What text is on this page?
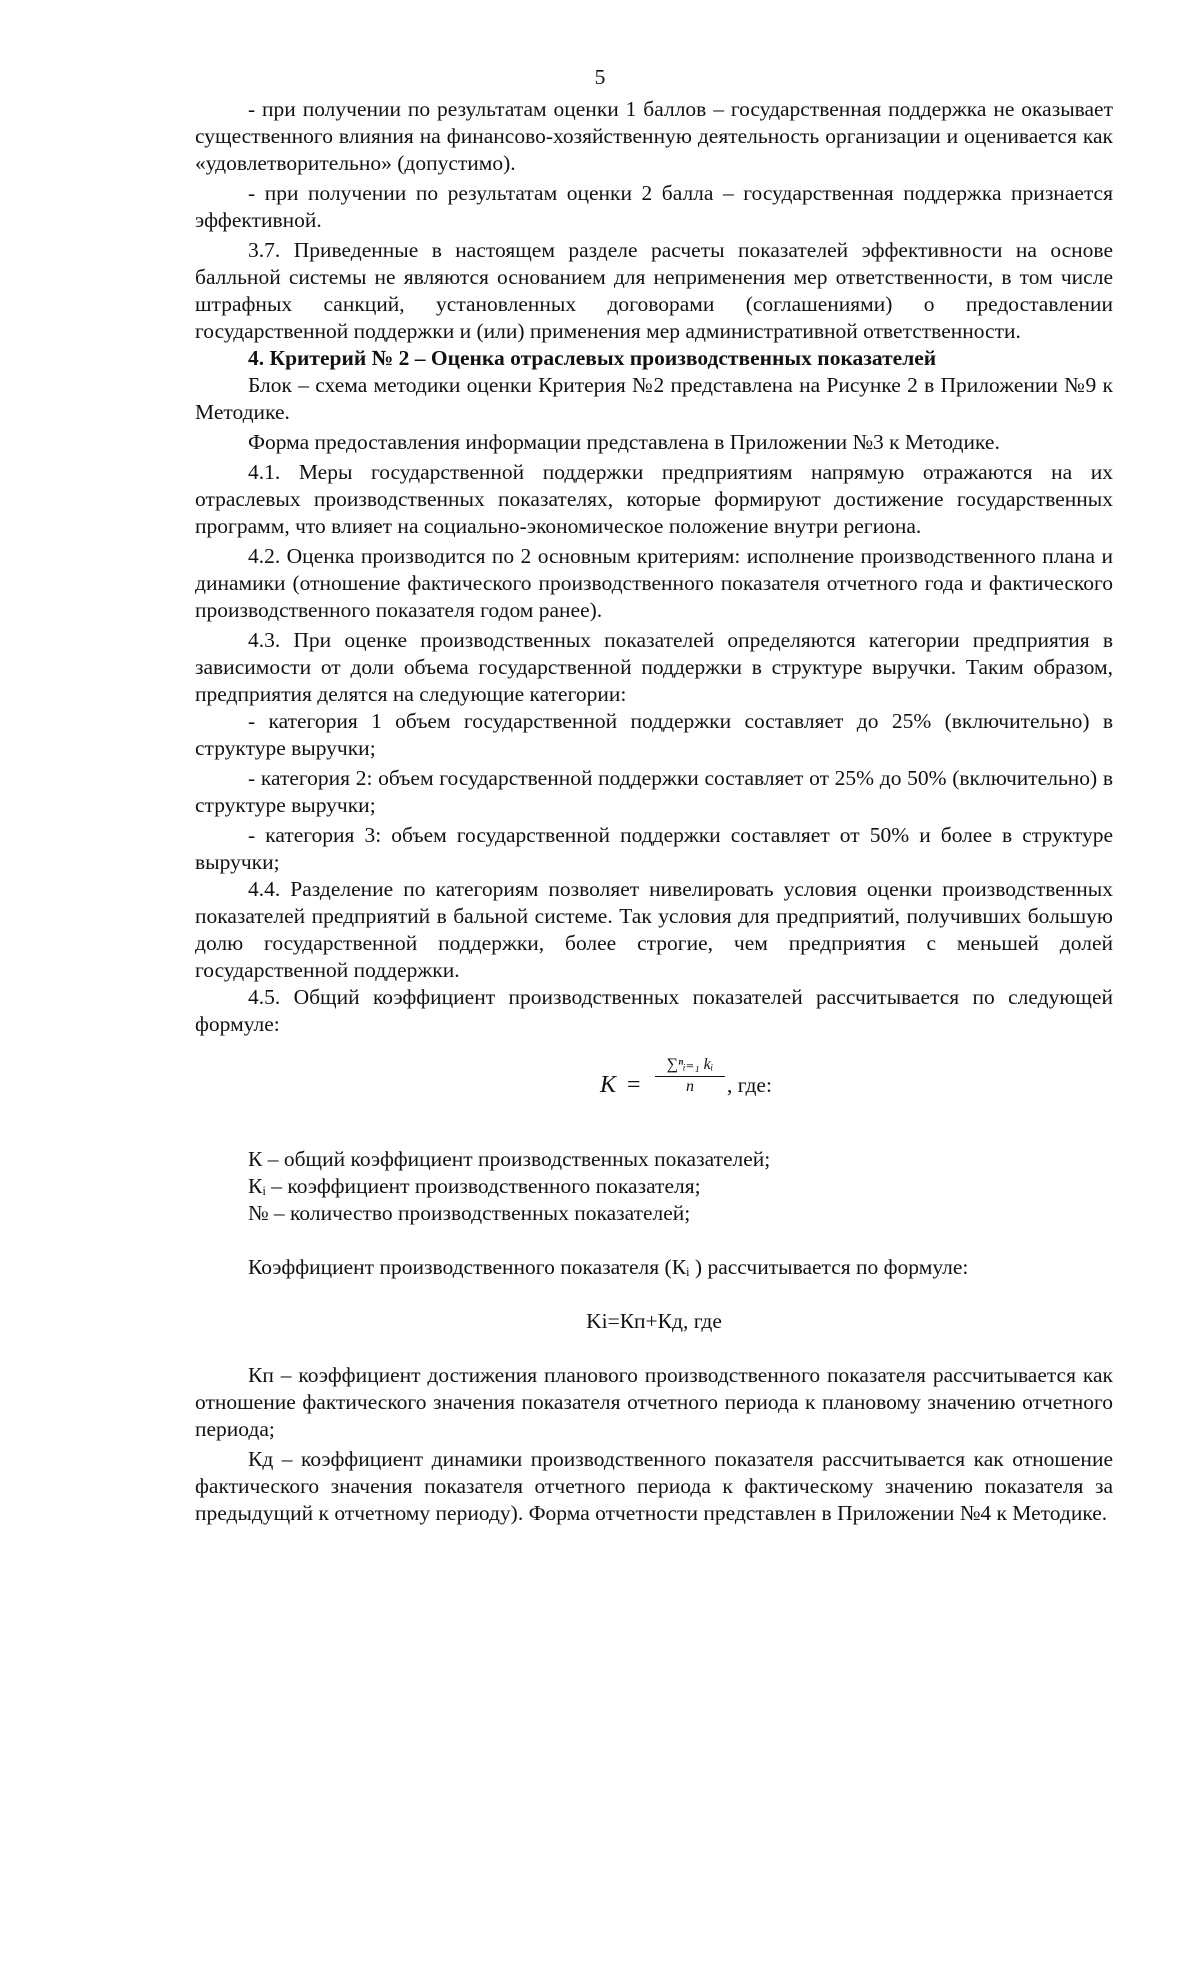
5

- при получении по результатам оценки 1 баллов – государственная поддержка не оказывает существенного влияния на финансово-хозяйственную деятельность организации и оценивается как «удовлетворительно» (допустимо).

- при получении по результатам оценки 2 балла – государственная поддержка признается эффективной.

3.7. Приведенные в настоящем разделе расчеты показателей эффективности на основе балльной системы не являются основанием для неприменения мер ответственности, в том числе штрафных санкций, установленных договорами (соглашениями) о предоставлении государственной поддержки и (или) применения мер административной ответственности.

4. Критерий № 2 – Оценка отраслевых производственных показателей

Блок – схема методики оценки Критерия №2 представлена на Рисунке 2 в Приложении №9 к Методике.

Форма предоставления информации представлена в Приложении №3 к Методике.

4.1. Меры государственной поддержки предприятиям напрямую отражаются на их отраслевых производственных показателях, которые формируют достижение государственных программ, что влияет на социально-экономическое положение внутри региона.

4.2. Оценка производится по 2 основным критериям: исполнение производственного плана и динамики (отношение фактического производственного показателя отчетного года и фактического производственного показателя годом ранее).

4.3. При оценке производственных показателей определяются категории предприятия в зависимости от доли объема государственной поддержки в структуре выручки. Таким образом, предприятия делятся на следующие категории:

- категория 1 объем государственной поддержки составляет до 25% (включительно) в структуре выручки;

- категория 2: объем государственной поддержки составляет от 25% до 50% (включительно) в структуре выручки;

- категория 3: объем государственной поддержки составляет от 50% и более в структуре выручки;

4.4. Разделение по категориям позволяет нивелировать условия оценки производственных показателей предприятий в бальной системе. Так условия для предприятий, получивших большую долю государственной поддержки, более строгие, чем предприятия с меньшей долей государственной поддержки.

4.5. Общий коэффициент производственных показателей рассчитывается по следующей формуле:

$K = \frac{\text{∑ⁿᵢ₌₁ kᵢ}}{n}$ , где:

К – общий коэффициент производственных показателей;

Кᵢ – коэффициент производственного показателя;

№ – количество производственных показателей;

Коэффициент производственного показателя (Кᵢ ) рассчитывается по формуле:

Ki=Кп+Кд, где

Кп – коэффициент достижения планового производственного показателя рассчитывается как отношение фактического значения показателя отчетного периода к плановому значению отчетного периода;

Кд – коэффициент динамики производственного показателя рассчитывается как отношение фактического значения показателя отчетного периода к фактическому значению показателя за предыдущий к отчетному периоду). Форма отчетности представлен в Приложении №4 к Методике.
